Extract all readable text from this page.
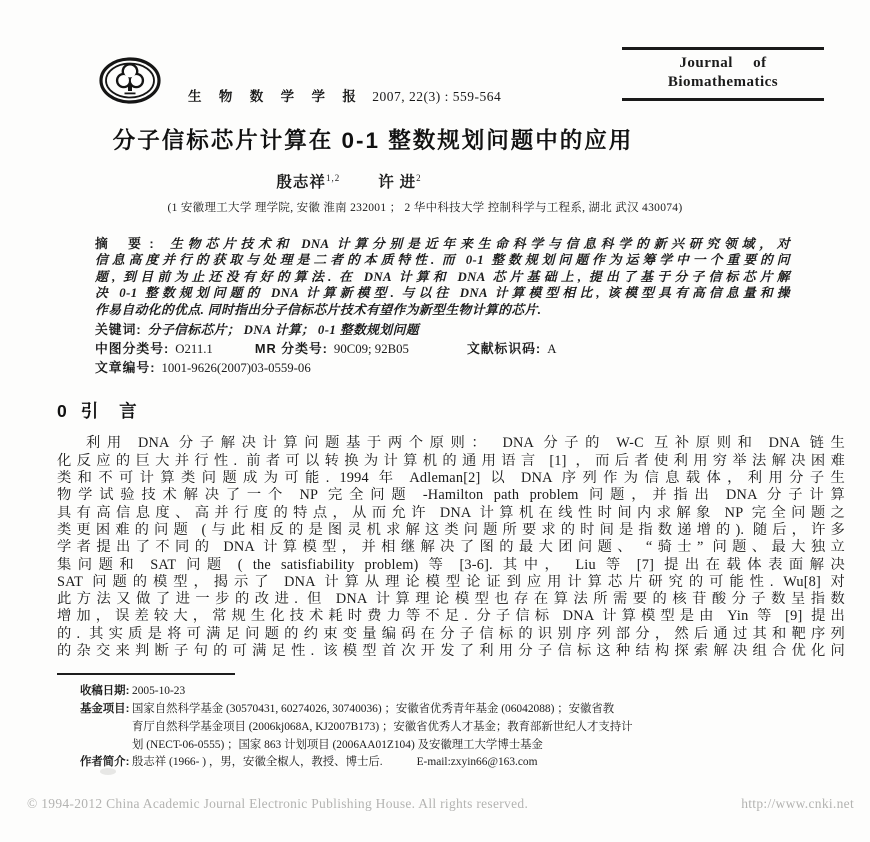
生 物 数 学 学 报 2007, 22(3) : 559-564
Journal of
Biomathematics
分子信标芯片计算在 0-1 整数规划问题中的应用
殷志祥$^{1,2}$ 许 进$^2$
(1 安徽理工大学 理学院, 安徽 淮南 232001 ； 2 华中科技大学 控制科学与工程系, 湖北 武汉 430074)
摘 要: 生物芯片技术和 DNA 计算分别是近年来生命科学与信息科学的新兴研究领域，对
信息高度并行的获取与处理是二者的本质特性. 而 0-1 整数规划问题作为运筹学中一个重要的问
题, 到目前为止还没有好的算法. 在 DNA 计算和 DNA 芯片基础上, 提出了基于分子信标芯片解
决 0-1 整数规划问题的 DNA 计算新模型. 与以往 DNA 计算模型相比, 该模型具有高信息量和操
作易自动化的优点. 同时指出分子信标芯片技术有望作为新型生物计算的芯片.
关键词: 分子信标芯片； DNA 计算； 0-1 整数规划问题
中图分类号: O211.1	MR 分类号: 90C09; 92B05	文献标识码: A
文章编号: 1001-9626(2007)03-0559-06
0 引 言
利用 DNA 分子解决计算问题基于两个原则： DNA 分子的 W-C 互补原则和 DNA 链生
化反应的巨大并行性. 前者可以转换为计算机的通用语言 [1] ，而后者使利用穷举法解决困难
类和不可计算类问题成为可能. 1994 年 Adleman[2] 以 DNA 序列作为信息载体，利用分子生
物学试验技术解决了一个 NP 完全问题 -Hamilton path problem 问题，并指出 DNA 分子计算
具有高信息度、高并行度的特点，从而允许 DNA 计算机在线性时间内求解象 NP 完全问题之
类更困难的问题 (与此相反的是图灵机求解这类问题所要求的时间是指数递增的). 随后，许多
学者提出了不同的 DNA 计算模型，并相继解决了图的最大团问题、 “骑士” 问题、最大独立
集问题和 SAT 问题 ( the satisfiability problem) 等 [3-6]. 其中， Liu 等 [7] 提出在载体表面解决
SAT 问题的模型，揭示了 DNA 计算从理论模型论证到应用计算芯片研究的可能性. Wu[8] 对
此方法又做了进一步的改进. 但 DNA 计算理论模型也存在算法所需要的核苷酸分子数呈指数
增加，误差较大，常规生化技术耗时费力等不足. 分子信标 DNA 计算模型是由 Yin 等 [9] 提出
的. 其实质是将可满足问题的约束变量编码在分子信标的识别序列部分，然后通过其和靶序列
的杂交来判断子句的可满足性. 该模型首次开发了利用分子信标这种结构探索解决组合优化问
收稿日期: 2005-10-23
基金项目: 国家自然科学基金 (30570431, 60274026, 30740036) ；安徽省优秀青年基金 (06042088) ；安徽省教
育厅自然科学基金项目 (2006kj068A, KJ2007B173) ；安徽省优秀人才基金；教育部新世纪人才支持计
划 (NECT-06-0555) ；国家 863 计划项目 (2006AA01Z104) 及安徽理工大学博士基金
作者简介: 殷志祥 (1966- ) ，男，安徽全椒人，教授、博士后.	E-mail:zxyin66@163.com
© 1994-2012 China Academic Journal Electronic Publishing House. All rights reserved.	http://www.cnki.net
